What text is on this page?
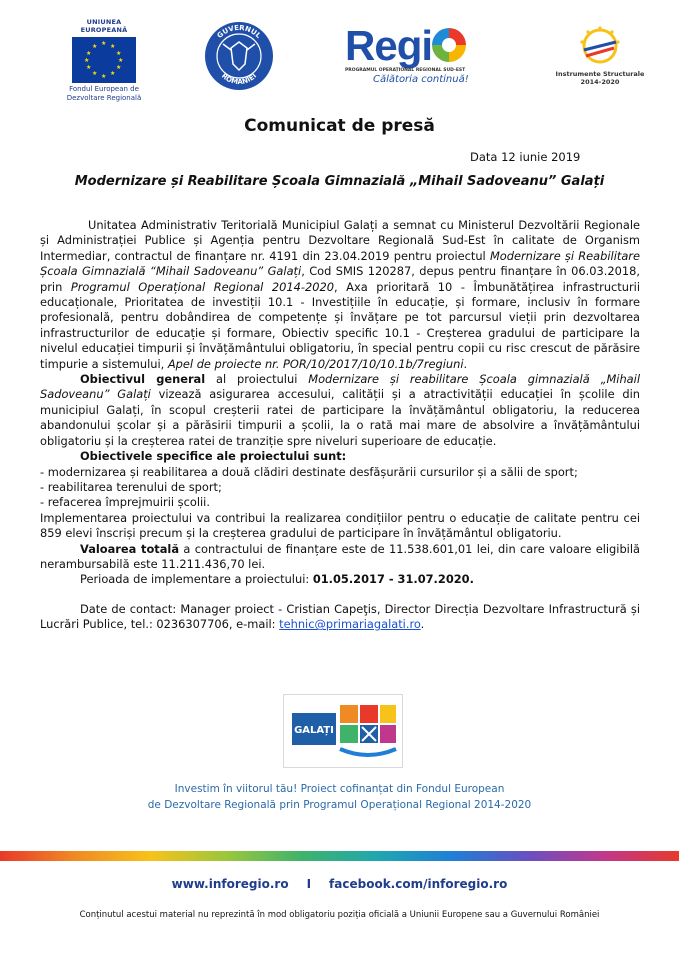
UNIUNEA EUROPEANĂ
★ ★
★
★
★
★
★
★
★
★
★
★
Fondul European de
Dezvoltare Regională
GUVERNUL
ROMÂNIEI
Regi
PROGRAMUL OPERAȚIONAL REGIONAL SUD-EST
Călătoria continuă!	Instrumente Structurale
2014-2020
Comunicat de presă
Data 12 iunie 2019
Modernizare și Reabilitare Școala Gimnazială „Mihail Sadoveanu” Galați

Unitatea Administrativ Teritorială Municipiul Galați a semnat cu Ministerul Dezvoltării Regionale și Administrației Publice și Agenția pentru Dezvoltare Regională Sud-Est în calitate de Organism Intermediar, contractul de finanțare nr. 4191 din 23.04.2019 pentru proiectul Modernizare și Reabilitare Școala Gimnazială “Mihail Sadoveanu” Galați, Cod SMIS 120287, depus pentru finanțare în 06.03.2018, prin Programul Operațional Regional 2014-2020, Axa prioritară 10 - Îmbunătățirea infrastructurii educaționale, Prioritatea de investiții 10.1 - Investițiile în educație, și formare, inclusiv în formare profesională, pentru dobândirea de competențe și învățare pe tot parcursul vieții prin dezvoltarea infrastructurilor de educație și formare, Obiectiv specific 10.1 - Creșterea gradului de participare la nivelul educației timpurii și învățământului obligatoriu, în special pentru copii cu risc crescut de părăsire timpurie a sistemului, Apel de proiecte nr. POR/10/2017/10/10.1b/7regiuni.

Obiectivul general al proiectului Modernizare și reabilitare Școala gimnazială „Mihail Sadoveanu” Galați vizează asigurarea accesului, calității și a atractivității educației în școlile din municipiul Galați, în scopul creșterii ratei de participare la învățământul obligatoriu, la reducerea abandonului școlar și a părăsirii timpurii a școlii, la o rată mai mare de absolvire a învățământului obligatoriu și la creșterea ratei de tranziție spre niveluri superioare de educație.

Obiectivele specifice ale proiectului sunt:

- modernizarea și reabilitarea a două clădiri destinate desfășurării cursurilor și a sălii de sport;

- reabilitarea terenului de sport;

- refacerea împrejmuirii școlii.

Implementarea proiectului va contribui la realizarea condițiilor pentru o educație de calitate pentru cei 859 elevi înscriși precum și la creșterea gradului de participare în învățământul obligatoriu.

Valoarea totală a contractului de finanțare este de 11.538.601,01 lei, din care valoare eligibilă nerambursabilă este 11.211.436,70 lei.

Perioada de implementare a proiectului: 01.05.2017 - 31.07.2020.

Date de contact: Manager proiect - Cristian Capeţis, Director Direcția Dezvoltare Infrastructură și Lucrări Publice, tel.: 0236307706, e-mail: tehnic@primariagalati.ro.

GALAȚI
Investim în viitorul tău! Proiect cofinanțat din Fondul European
de Dezvoltare Regională prin Programul Operațional Regional 2014-2020
www.inforegio.ro I facebook.com/inforegio.ro
Conținutul acestui material nu reprezintă în mod obligatoriu poziția oficială a Uniunii Europene sau a Guvernului României
